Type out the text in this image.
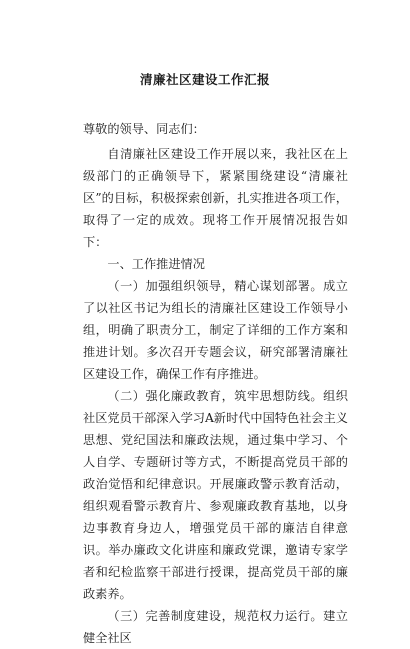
清廉社区建设工作汇报

尊敬的领导、同志们：

自清廉社区建设工作开展以来，我社区在上级部门的正确领导下，紧紧围绕建设“清廉社区”的目标，积极探索创新，扎实推进各项工作，取得了一定的成效。现将工作开展情况报告如下：

一、工作推进情况

（一）加强组织领导，精心谋划部署。成立了以社区书记为组长的清廉社区建设工作领导小组，明确了职责分工，制定了详细的工作方案和推进计划。多次召开专题会议，研究部署清廉社区建设工作，确保工作有序推进。

（二）强化廉政教育，筑牢思想防线。组织社区党员干部深入学习A新时代中国特色社会主义思想、党纪国法和廉政法规，通过集中学习、个人自学、专题研讨等方式，不断提高党员干部的政治觉悟和纪律意识。开展廉政警示教育活动，组织观看警示教育片、参观廉政教育基地，以身边事教育身边人，增强党员干部的廉洁自律意识。举办廉政文化讲座和廉政党课，邀请专家学者和纪检监察干部进行授课，提高党员干部的廉政素养。

（三）完善制度建设，规范权力运行。建立健全社区
